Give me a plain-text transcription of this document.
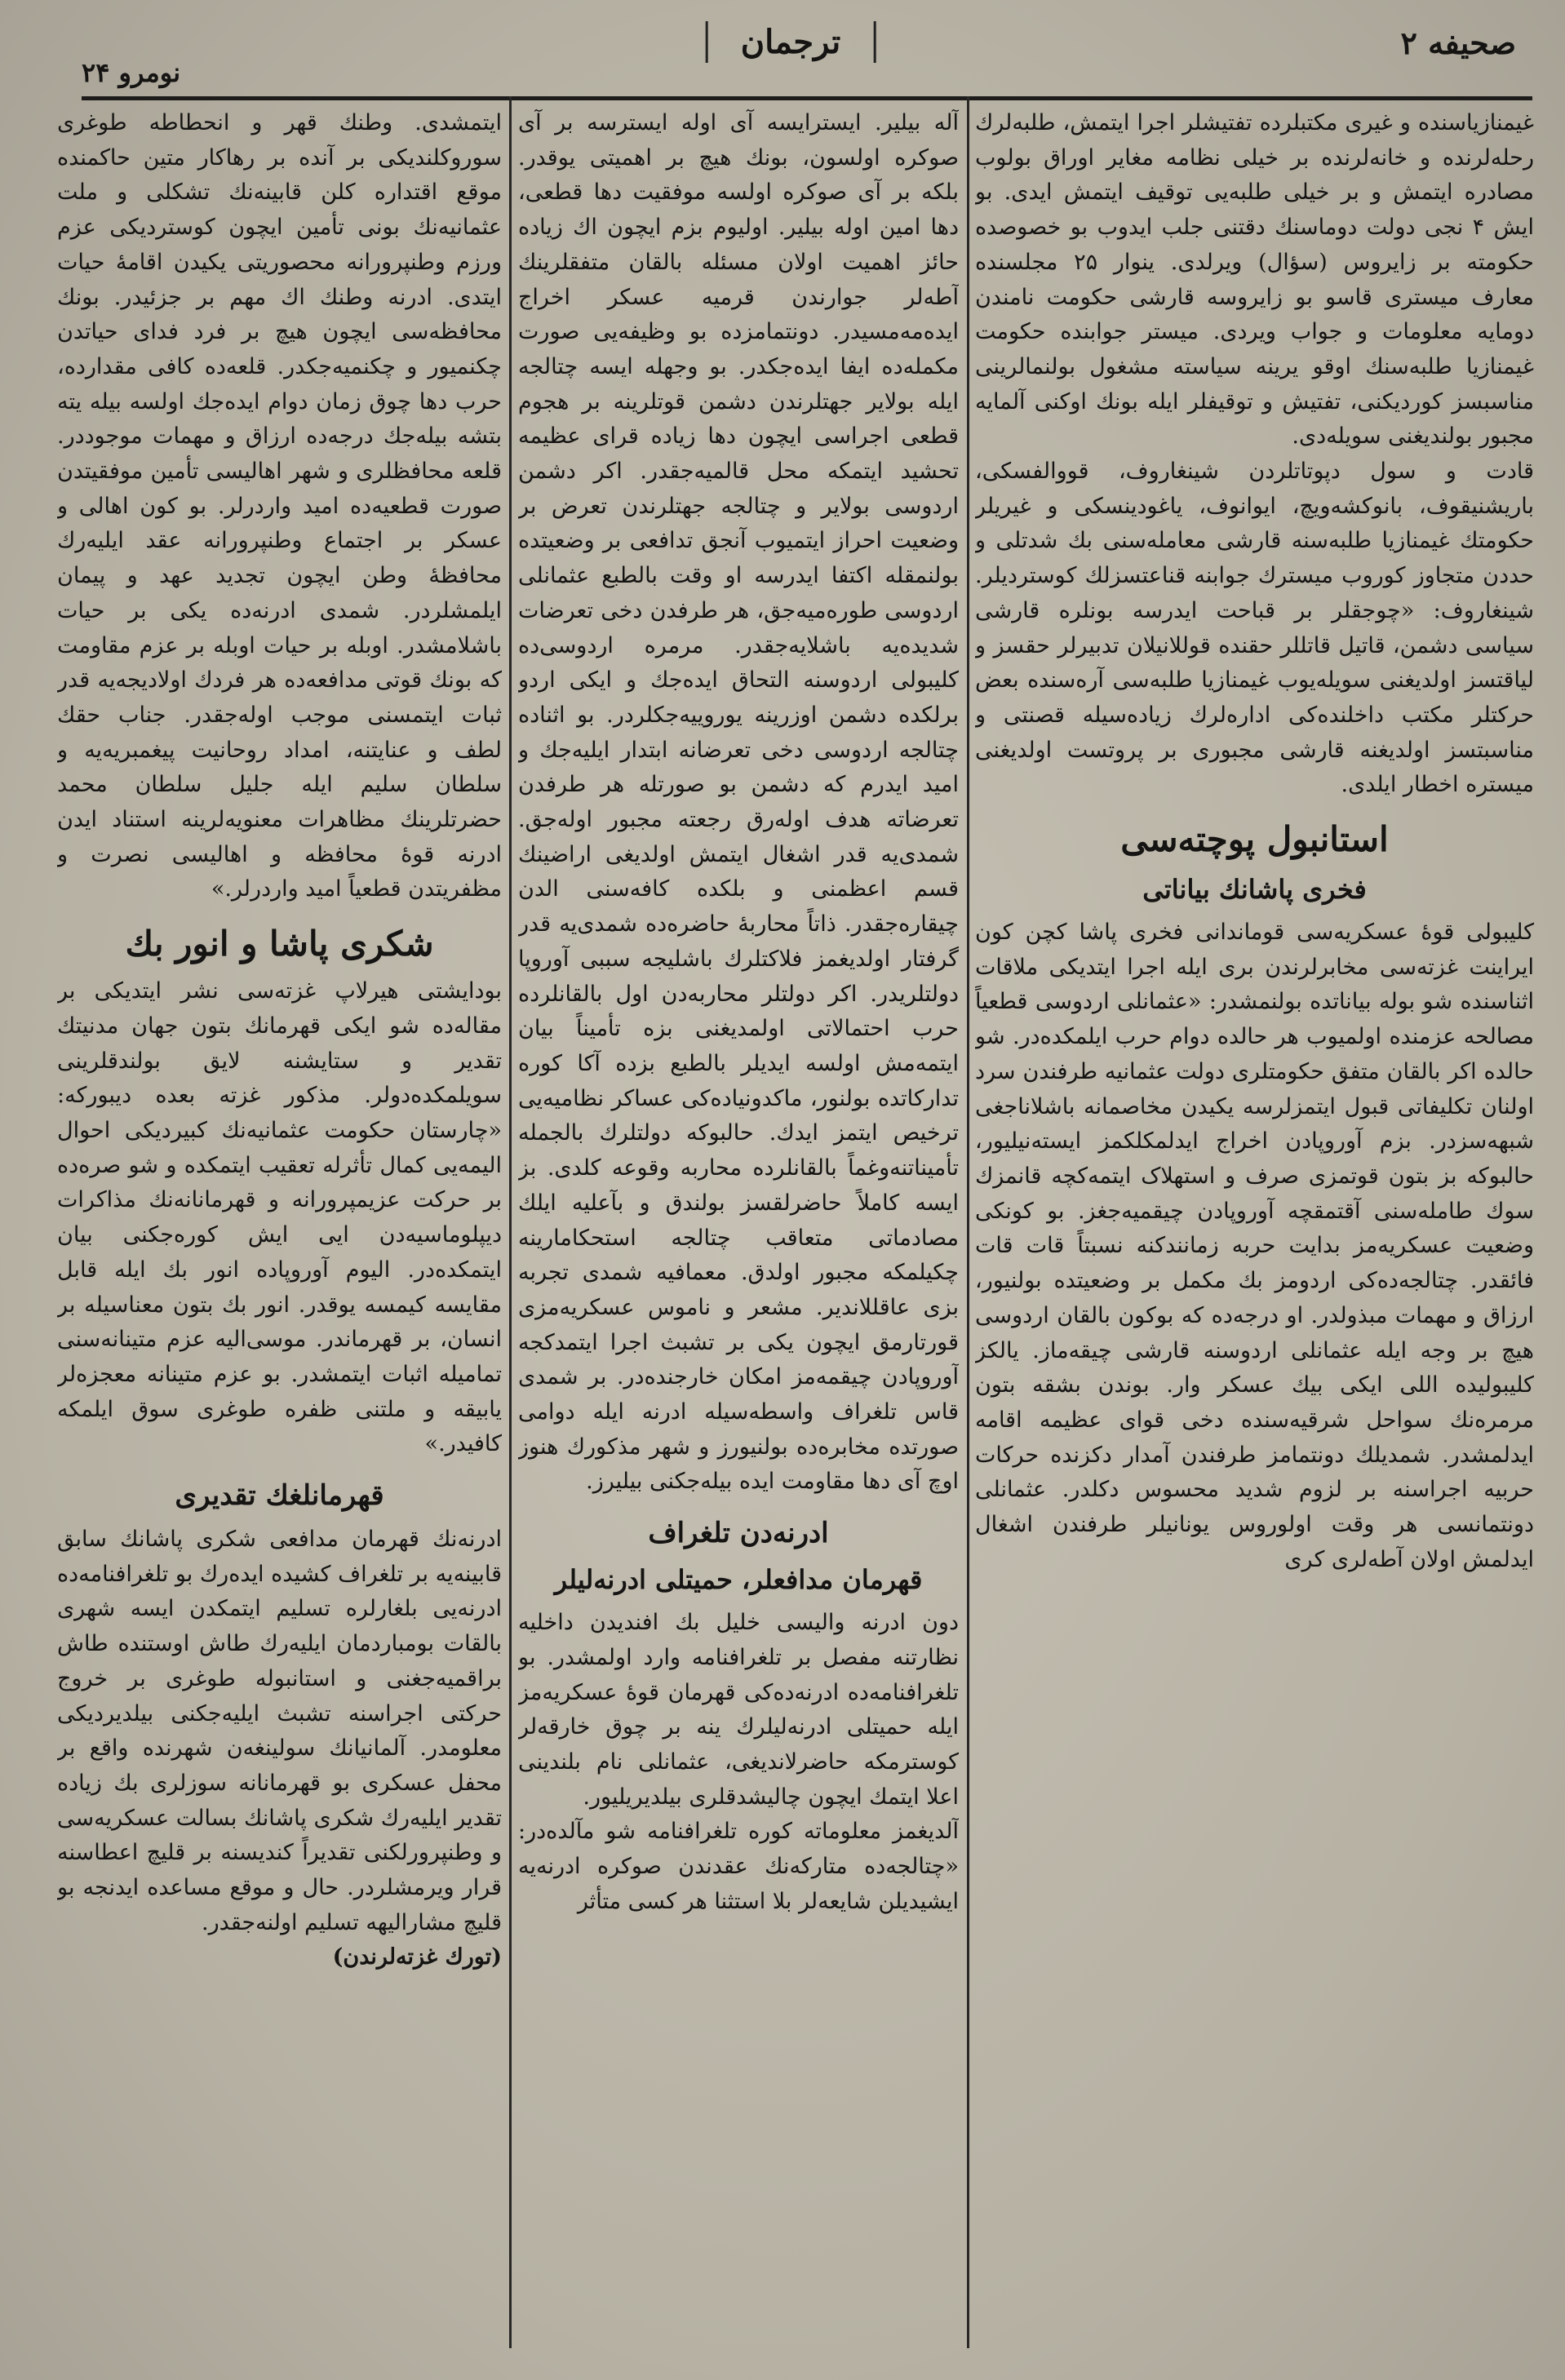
صحیفه ۲
ترجمان
نومرو ۲۴

غیمنازیاسنده و غیری مکتبلرده تفتیشلر اجرا ایتمش، طلبه‌لرك رحله‌لرنده و خانه‌لرنده بر خیلی نظامه مغایر اوراق بولوب مصادره ایتمش و بر خیلی طلبه‌یی توقیف ایتمش ایدی. بو ایش ۴ نجی دولت دوماسنك دقتنی جلب ایدوب بو خصوصده حکومته بر زایروس (سؤال) ویرلدی. ینوار ۲۵ مجلسنده معارف میستری قاسو بو زایروسه قارشی حکومت نامندن دومایه معلومات و جواب ویردی. میستر جوابنده حکومت غیمنازیا طلبه‌سنك اوقو یرینه سیاسته مشغول بولنمالرینی مناسبسز کوردیکنی، تفتیش و توقیفلر ایله بونك اوکنی آلمایه مجبور بولندیغنی سویله‌دی.

قادت و سول دپوتاتلردن شینغاروف، قووالفسکی، باریشنیقوف، بانوکشه‌ویچ، ایوانوف، یاغودینسکی و غیریلر حکومتك غیمنازیا طلبه‌سنه قارشی معامله‌سنی بك شدتلی و حددن متجاوز کوروب میسترك جوابنه قناعتسزلك کوستردیلر. شینغاروف: «چوجقلر بر قباحت ایدرسه بونلره قارشی سیاسی دشمن، قاتیل قاتللر حقنده قوللانیلان تدبیرلر حقسز و لیاقتسز اولدیغنی سویله‌یوب غیمنازیا طلبه‌سی آره‌سنده بعض حرکتلر مکتب داخلنده‌کی اداره‌لرك زیاده‌سیله قصنتی و مناسبتسز اولدیغنه قارشی مجبوری بر پروتست اولدیغنی میستره اخطار ایلدی.

استانبول پوچته‌سی
فخری پاشانك بیاناتی

کلیبولی قوهٔ عسکریه‌سی قوماندانی فخری پاشا کچن کون ایراینت غزته‌سی مخابرلرندن بری ایله اجرا ایتدیکی ملاقات اثناسنده شو بوله بیاناتده بولنمشدر: «عثمانلی اردوسی قطعیاً مصالحه عزمنده اولمیوب هر حالده دوام حرب ایلمکده‌در. شو حالده اکر بالقان متفق حکومتلری دولت عثمانیه طرفندن سرد اولنان تکلیفاتی قبول ایتمزلرسه یکیدن مخاصمانه باشلاناجغی شبهه‌سزدر. بزم آوروپادن اخراج ایدلمکلکمز ایسته‌نیلیور، حالبوکه بز بتون قوتمزی صرف و استهلاک ایتمه‌کچه قانمزك سوك طامله‌سنی آقتمقچه آوروپادن چیقمیه‌جغز. بو کونکی وضعیت عسکریه‌مز بدایت حربه زمانندکنه نسبتاً قات قات فائقدر. چتالجه‌ده‌کی اردومز بك مکمل بر وضعیتده بولنیور، ارزاق و مهمات مبذولدر. او درجه‌ده که بوکون بالقان اردوسی هیچ بر وجه ایله عثمانلی اردوسنه قارشی چیقه‌ماز. یالکز کلیبولیده اللی ایکی بیك عسکر وار. بوندن بشقه بتون مرمره‌نك سواحل شرقیه‌سنده دخی قوای عظیمه اقامه ایدلمشدر. شمدیلك دونتمامز طرفندن آمدار دکزنده حرکات حربیه اجراسنه بر لزوم شدید محسوس دکلدر. عثمانلی دونتمانسی هر وقت اولوروس یونانیلر طرفندن اشغال ایدلمش اولان آطه‌لری کری

آله بیلیر. ایسترایسه آی اوله ایسترسه بر آی صوکره اولسون، بونك هیچ بر اهمیتی یوقدر. بلکه بر آی صوکره اولسه موفقیت دها قطعی، دها امین اوله بیلیر. اولیوم بزم ایچون اك زیاده حائز اهمیت اولان مسئله بالقان متفقلرینك آطه‌لر جوارندن قرمیه عسکر اخراج ایده‌مه‌مسیدر. دونتمامزده بو وظیفه‌یی صورت مکمله‌ده ایفا ایده‌جکدر. بو وجهله ایسه چتالجه ایله بولایر جهتلرندن دشمن قوتلرینه بر هجوم قطعی اجراسی ایچون دها زیاده قرای عظیمه تحشید ایتمکه محل قالمیه‌جقدر. اکر دشمن اردوسی بولایر و چتالجه جهتلرندن تعرض بر وضعیت احراز ایتمیوب آنجق تدافعی بر وضعیتده بولنمقله اکتفا ایدرسه او وقت بالطبع عثمانلی اردوسی طوره‌میه‌جق، هر طرفدن دخی تعرضات شدیده‌یه باشلایه‌جقدر. مرمره اردوسی‌ده کلیبولی اردوسنه التحاق ایده‌جك و ایکی اردو برلکده دشمن اوزرینه یوروییه‌جکلردر. بو اثناده چتالجه اردوسی دخی تعرضانه ابتدار ایلیه‌جك و امید ایدرم که دشمن بو صورتله هر طرفدن تعرضاته هدف اوله‌رق رجعته مجبور اوله‌جق. شمدی‌یه قدر اشغال ایتمش اولدیغی اراضینك قسم اعظمنی و بلکده کافه‌سنی الدن چیقاره‌جقدر. ذاتاً محاربهٔ حاضره‌ده شمدی‌یه قدر گرفتار اولدیغمز فلاکتلرك باشلیجه سببی آوروپا دولتلریدر. اکر دولتلر محاربه‌دن اول بالقانلرده حرب احتمالاتی اولمدیغنی بزه تأمیناً بیان ایتمه‌مش اولسه ایدیلر بالطبع بزده آکا کوره تدارکاتده بولنور، ماکدونیاده‌کی عساکر نظامیه‌یی ترخیص ایتمز ایدك. حالبوکه دولتلرك بالجمله تأمیناتنه‌وغماً بالقانلرده محاربه وقوعه کلدی. بز ایسه کاملاً حاضرلقسز بولندق و بآعلیه ایلك مصادماتی متعاقب چتالجه استحکامارینه چکیلمکه مجبور اولدق. معمافیه شمدی تجربه بزی عاقللاندیر. مشعر و ناموس عسکریه‌مزی قورتارمق ایچون یکی بر تشبث اجرا ایتمدکجه آوروپادن چیقمه‌مز امکان خارجنده‌در. بر شمدی قاس تلغراف واسطه‌سیله ادرنه ایله دوامی صورتده مخابره‌ده بولنیورز و شهر مذکورك هنوز اوچ آی دها مقاومت ایده بیله‌جکنی بیلیرز.

ادرنه‌دن تلغراف
قهرمان مدافعلر، حمیتلی ادرنه‌لیلر

دون ادرنه والیسی خلیل بك افندیدن داخلیه نظارتنه مفصل بر تلغرافنامه وارد اولمشدر. بو تلغرافنامه‌ده ادرنه‌ده‌کی قهرمان قوهٔ عسکریه‌مز ایله حمیتلی ادرنه‌لیلرك ینه بر چوق خارقه‌لر کوسترمکه حاضرلاندیغی، عثمانلی نام بلندینی اعلا ایتمك ایچون چالیشدقلری بیلدیریلیور.

آلدیغمز معلوماته کوره تلغرافنامه شو مآلده‌در: «چتالجه‌ده متارکه‌نك عقدندن صوکره ادرنه‌یه ایشیدیلن شایعه‌لر بلا استثنا هر کسی متأثر

ایتمشدی. وطنك قهر و انحطاطه طوغری سوروکلندیکی بر آنده بر رهاکار متین حاکمنده موقع اقتداره کلن قابینه‌نك تشکلی و ملت عثمانیه‌نك بونی تأمین ایچون کوستردیکی عزم ورزم وطنپرورانه محصوریتی یکیدن اقامهٔ حیات ایتدی. ادرنه وطنك اك مهم بر جزئیدر. بونك محافظه‌سی ایچون هیچ بر فرد فدای حیاتدن چکنمیور و چکنمیه‌جکدر. قلعه‌ده کافی مقدارده، حرب دها چوق زمان دوام ایده‌جك اولسه بیله یته بتشه بیله‌جك درجه‌ده ارزاق و مهمات موجوددر. قلعه محافظلری و شهر اهالیسی تأمین موفقیتدن صورت قطعیه‌ده امید واردرلر. بو کون اهالی و عسکر بر اجتماع وطنپرورانه عقد ایلیه‌رك محافظهٔ وطن ایچون تجدید عهد و پیمان ایلمشلردر. شمدی ادرنه‌ده یکی بر حیات باشلامشدر. اوبله بر حیات اوبله بر عزم مقاومت که بونك قوتی مدافعه‌ده هر فردك اولادیجه‌یه قدر ثبات ایتمسنی موجب اوله‌جقدر. جناب حقك لطف و عنایتنه، امداد روحانیت پیغمبریه‌یه و سلطان سلیم ایله جلیل سلطان محمد حضرتلرینك مظاهرات معنویه‌لرینه استناد ایدن ادرنه قوهٔ محافظه و اهالیسی نصرت و مظفریتدن قطعیاً امید واردرلر.»

شکری پاشا و انور بك

بودایشتی هیرلاپ غزته‌سی نشر ایتدیکی بر مقاله‌ده شو ایکی قهرمانك بتون جهان مدنیتك تقدیر و ستایشنه لایق بولندقلرینی سویلمکده‌دولر. مذکور غزته بعده دیبورکه: «چارستان حکومت عثمانیه‌نك کبیردیکی احوال الیمه‌یی کمال تأثرله تعقیب ایتمکده و شو صره‌ده بر حرکت عزیمپرورانه و قهرمانانه‌نك مذاکرات دیپلوماسیه‌دن ایی ایش کوره‌جکنی بیان ایتمکده‌در. الیوم آوروپاده انور بك ایله قابل مقایسه کیمسه یوقدر. انور بك بتون معناسیله بر انسان، بر قهرماندر. موسی‌الیه عزم متینانه‌سنی تمامیله اثبات ایتمشدر. بو عزم متینانه معجزه‌لر یابیقه و ملتنی ظفره طوغری سوق ایلمکه کافیدر.»

قهرمانلغك تقدیری

ادرنه‌نك قهرمان مدافعی شکری پاشانك سابق قابینه‌یه بر تلغراف کشیده ایده‌رك بو تلغرافنامه‌ده ادرنه‌یی بلغارلره تسلیم ایتمکدن ایسه شهری بالقات بومباردمان ایلیه‌رك طاش اوستنده طاش براقمیه‌جغنی و استانبوله طوغری بر خروج حرکتی اجراسنه تشبث ایلیه‌جکنی بیلدیردیکی معلومدر. آلمانیانك سولینغه‌ن شهرنده واقع بر محفل عسکری بو قهرمانانه سوزلری بك زیاده تقدیر ایلیه‌رك شکری پاشانك بسالت عسکریه‌سی و وطنپرورلکنی تقدیراً کندیسنه بر قلیچ اعطاسنه قرار ویرمشلردر. حال و موقع مساعده ایدنجه بو قلیچ مشارالیهه تسلیم اولنه‌جقدر.

(تورك غزته‌لرندن)
